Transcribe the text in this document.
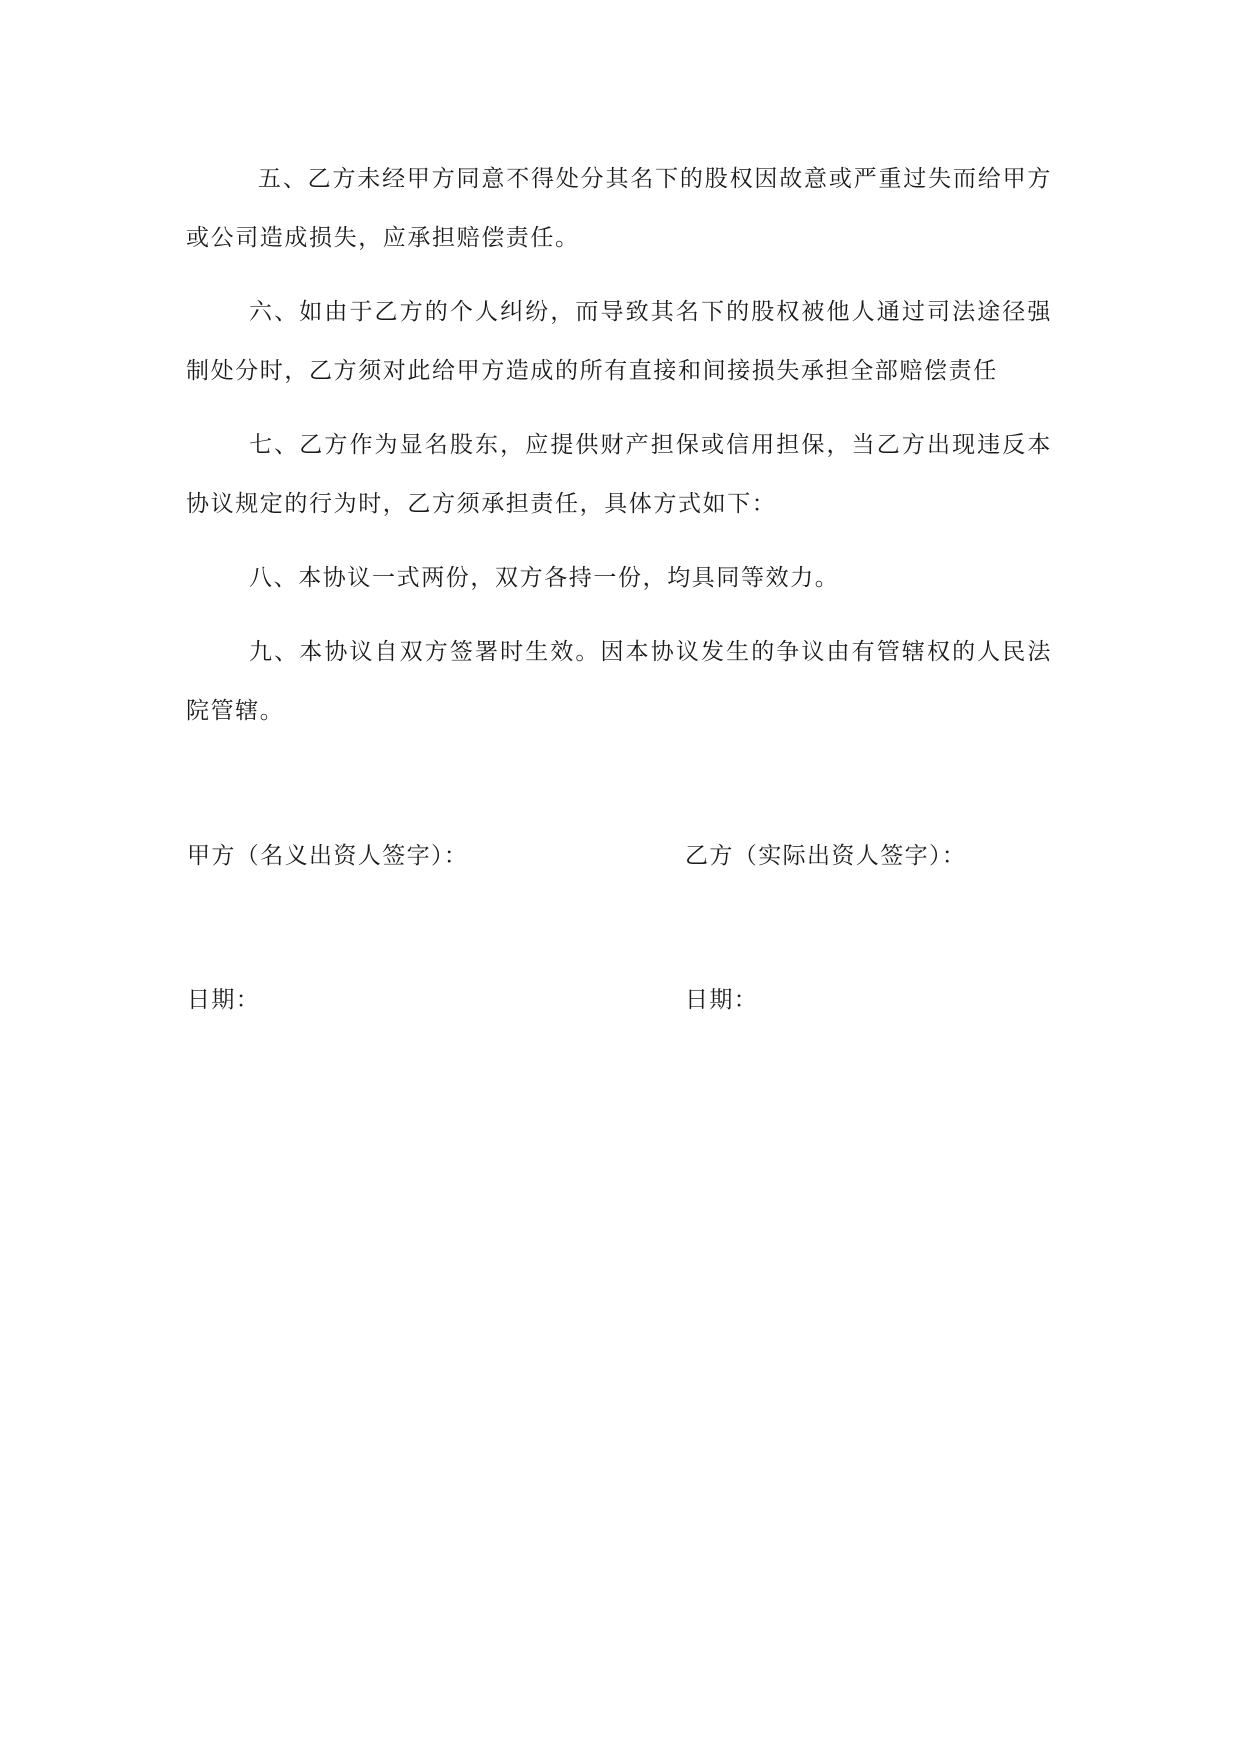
五、乙方未经甲方同意不得处分其名下的股权因故意或严重过失而给甲方或公司造成损失，应承担赔偿责任。

六、如由于乙方的个人纠纷，而导致其名下的股权被他人通过司法途径强制处分时，乙方须对此给甲方造成的所有直接和间接损失承担全部赔偿责任

七、乙方作为显名股东，应提供财产担保或信用担保，当乙方出现违反本协议规定的行为时，乙方须承担责任，具体方式如下：

八、本协议一式两份，双方各持一份，均具同等效力。

九、本协议自双方签署时生效。因本协议发生的争议由有管辖权的人民法院管辖。

甲方（名义出资人签字）：	乙方（实际出资人签字）：
日期：	日期：
